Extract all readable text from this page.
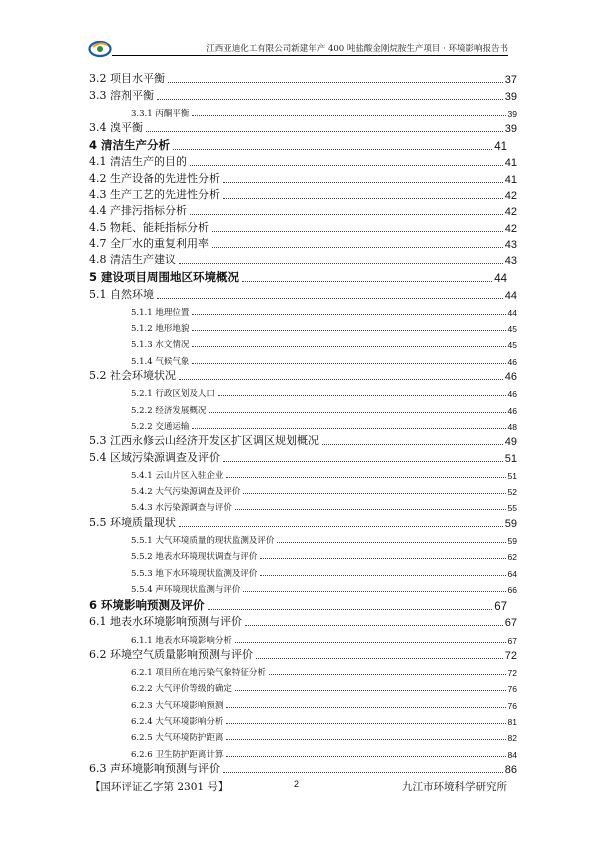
江西亚迪化工有限公司新建年产 400 吨盐酸金刚烷胺生产项目 · 环境影响报告书
3.2 项目水平衡	37
3.3 溶剂平衡	39
3.3.1 丙酮平衡	39
3.4 溴平衡	39
4 清洁生产分析	41
4.1 清洁生产的目的	41
4.2 生产设备的先进性分析	41
4.3 生产工艺的先进性分析	42
4.4 产排污指标分析	42
4.5 物耗、能耗指标分析	42
4.7 全厂水的重复利用率	43
4.8 清洁生产建议	43
5 建设项目周围地区环境概况	44
5.1 自然环境	44
5.1.1 地理位置	44
5.1.2 地形地貌	45
5.1.3 水文情况	45
5.1.4 气候气象	46
5.2 社会环境状况	46
5.2.1 行政区划及人口	46
5.2.2 经济发展概况	46
5.2.2 交通运输	48
5.3 江西永修云山经济开发区扩区调区规划概况	49
5.4 区域污染源调查及评价	51
5.4.1 云山片区入驻企业	51
5.4.2 大气污染源调查及评价	52
5.4.3 水污染源调查与评价	55
5.5 环境质量现状	59
5.5.1 大气环境质量的现状监测及评价	59
5.5.2 地表水环境现状调查与评价	62
5.5.3 地下水环境现状监测及评价	64
5.5.4 声环境现状监测与评价	66
6 环境影响预测及评价	67
6.1 地表水环境影响预测与评价	67
6.1.1 地表水环境影响分析	67
6.2 环境空气质量影响预测与评价	72
6.2.1 项目所在地污染气象特征分析	72
6.2.2 大气评价等级的确定	76
6.2.3 大气环境影响预测	76
6.2.4 大气环境影响分析	81
6.2.5 大气环境防护距离	82
6.2.6 卫生防护距离计算	84
6.3 声环境影响预测与评价	86
【国环评证乙字第 2301 号】	2	九江市环境科学研究所
